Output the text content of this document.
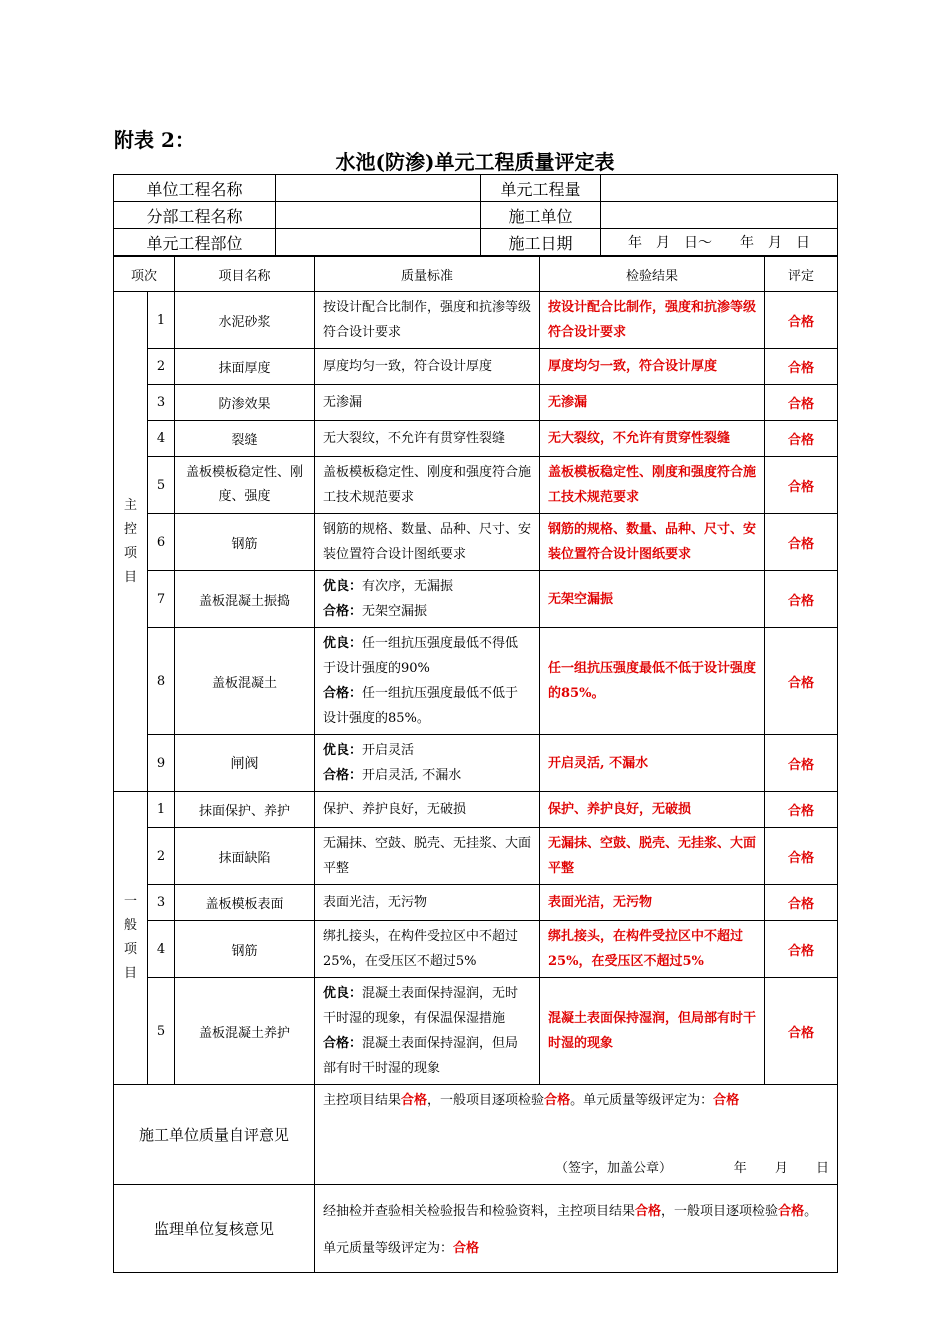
附表 2：
水池(防渗)单元工程质量评定表
单位工程名称		单元工程量	
分部工程名称		施工单位	
单元工程部位		施工日期	年　月　日～　　年　月　日
项次		项目名称	质量标准	检验结果	评定

主
控
项
目	1	水泥砂浆	按设计配合比制作，强度和抗渗等级符合设计要求	按设计配合比制作，强度和抗渗等级符合设计要求	合格
	2	抹面厚度	厚度均匀一致，符合设计厚度	厚度均匀一致，符合设计厚度	合格
	3	防渗效果	无渗漏	无渗漏	合格
	4	裂缝	无大裂纹，不允许有贯穿性裂缝	无大裂纹，不允许有贯穿性裂缝	合格
	5	盖板模板稳定性、刚度、强度	盖板模板稳定性、刚度和强度符合施工技术规范要求	盖板模板稳定性、刚度和强度符合施工技术规范要求	合格
	6	钢筋	钢筋的规格、数量、品种、尺寸、安装位置符合设计图纸要求	钢筋的规格、数量、品种、尺寸、安装位置符合设计图纸要求	合格
	7	盖板混凝土振捣	优良：有次序，无漏振
合格：无架空漏振	无架空漏振	合格
	8	盖板混凝土	优良：任一组抗压强度最低不得低于设计强度的90%
合格：任一组抗压强度最低不低于设计强度的85%。	任一组抗压强度最低不低于设计强度的85%。	合格
	9	闸阀	优良：开启灵活
合格：开启灵活, 不漏水	开启灵活, 不漏水	合格

一
般
项
目	1	抹面保护、养护	保护、养护良好，无破损	保护、养护良好，无破损	合格
	2	抹面缺陷	无漏抹、空鼓、脱壳、无挂浆、大面平整	无漏抹、空鼓、脱壳、无挂浆、大面平整	合格
	3	盖板模板表面	表面光洁，无污物	表面光洁，无污物	合格
	4	钢筋	绑扎接头，在构件受拉区中不超过25%，在受压区不超过5%	绑扎接头，在构件受拉区中不超过25%，在受压区不超过5%	合格
	5	盖板混凝土养护	优良：混凝土表面保持湿润，无时干时湿的现象，有保温保湿措施
合格：混凝土表面保持湿润，但局部有时干时湿的现象	混凝土表面保持湿润，但局部有时干时湿的现象	合格
施工单位质量自评意见			主控项目结果合格，一般项目逐项检验合格。单元质量等级评定为：合格
（签字，加盖公章） 年 月 日		

监理单位复核意见			经抽检并查验相关检验报告和检验资料，主控项目结果合格，一般项目逐项检验合格。单元质量等级评定为：合格		
